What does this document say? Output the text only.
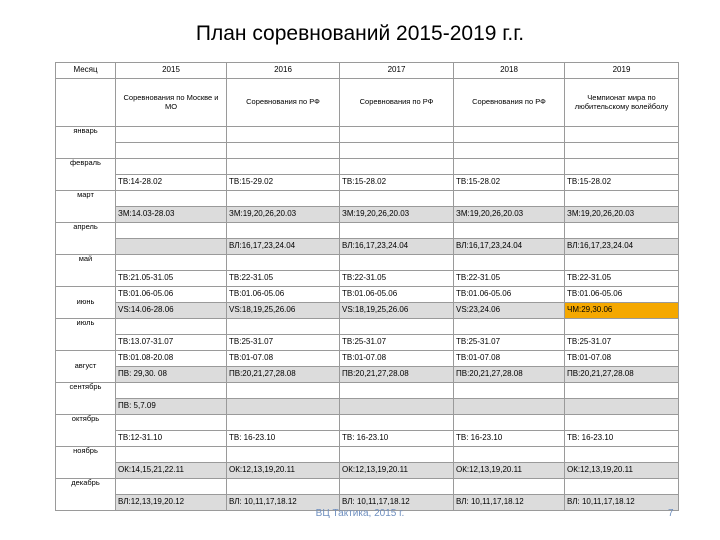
План соревнований 2015-2019 г.г.
Месяц	2015	2016	2017	2018	2019
	Соревнования по Москве и МО	Соревнования по РФ	Соревнования по РФ	Соревнования по РФ	Чемпионат мира по любительскому волейболу
январь					

февраль					
	ТВ:14-28.02	ТВ:15-29.02	ТВ:15-28.02	ТВ:15-28.02	ТВ:15-28.02
март					
	ЗМ:14.03-28.03	ЗМ:19,20,26,20.03	ЗМ:19,20,26,20.03	ЗМ:19,20,26,20.03	ЗМ:19,20,26,20.03
апрель					
		ВЛ:16,17,23,24.04	ВЛ:16,17,23,24.04	ВЛ:16,17,23,24.04	ВЛ:16,17,23,24.04
май					
	ТВ:21.05-31.05	ТВ:22-31.05	ТВ:22-31.05	ТВ:22-31.05	ТВ:22-31.05
июнь	ТВ:01.06-05.06	ТВ:01.06-05.06	ТВ:01.06-05.06	ТВ:01.06-05.06	ТВ:01.06-05.06
	VS:14.06-28.06	VS:18,19,25,26.06	VS:18,19,25,26.06	VS:23,24.06	ЧМ:29,30.06
июль					
	ТВ:13.07-31.07	ТВ:25-31.07	ТВ:25-31.07	ТВ:25-31.07	ТВ:25-31.07
август	ТВ:01.08-20.08	ТВ:01-07.08	ТВ:01-07.08	ТВ:01-07.08	ТВ:01-07.08
	ПВ: 29,30. 08	ПВ:20,21,27,28.08	ПВ:20,21,27,28.08	ПВ:20,21,27,28.08	ПВ:20,21,27,28.08
сентябрь					
	ПВ: 5,7.09				
октябрь					
	ТВ:12-31.10	ТВ: 16-23.10	ТВ: 16-23.10	ТВ: 16-23.10	ТВ: 16-23.10
ноябрь					
	ОК:14,15,21,22.11	ОК:12,13,19,20.11	ОК:12,13,19,20.11	ОК:12,13,19,20.11	ОК:12,13,19,20.11
декабрь					
	ВЛ:12,13,19,20.12	ВЛ: 10,11,17,18.12	ВЛ: 10,11,17,18.12	ВЛ: 10,11,17,18.12	ВЛ: 10,11,17,18.12
ВЦ Тактика, 2015 г.	7
